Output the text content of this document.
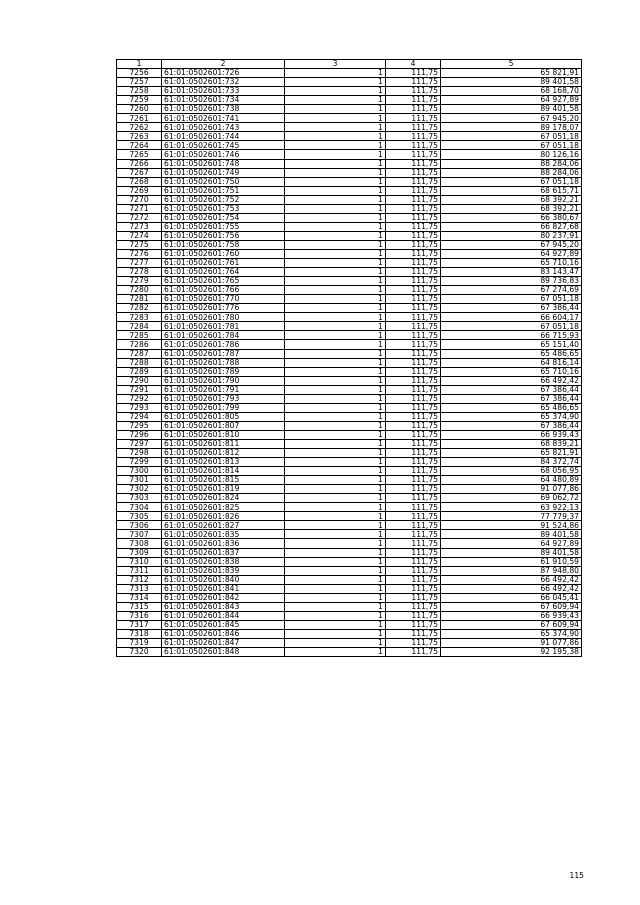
1	2	3	4	5
7256	61:01:0502601:726	1	111,75	65 821,91
7257	61:01:0502601:732	1	111,75	89 401,58
7258	61:01:0502601:733	1	111,75	68 168,70
7259	61:01:0502601:734	1	111,75	64 927,89
7260	61:01:0502601:738	1	111,75	89 401,58
7261	61:01:0502601:741	1	111,75	67 945,20
7262	61:01:0502601:743	1	111,75	89 178,07
7263	61:01:0502601:744	1	111,75	67 051,18
7264	61:01:0502601:745	1	111,75	67 051,18
7265	61:01:0502601:746	1	111,75	80 126,16
7266	61:01:0502601:748	1	111,75	88 284,06
7267	61:01:0502601:749	1	111,75	88 284,06
7268	61:01:0502601:750	1	111,75	67 051,18
7269	61:01:0502601:751	1	111,75	68 615,71
7270	61:01:0502601:752	1	111,75	68 392,21
7271	61:01:0502601:753	1	111,75	68 392,21
7272	61:01:0502601:754	1	111,75	66 380,67
7273	61:01:0502601:755	1	111,75	66 827,68
7274	61:01:0502601:756	1	111,75	80 237,91
7275	61:01:0502601:758	1	111,75	67 945,20
7276	61:01:0502601:760	1	111,75	64 927,89
7277	61:01:0502601:761	1	111,75	65 710,16
7278	61:01:0502601:764	1	111,75	83 143,47
7279	61:01:0502601:765	1	111,75	89 736,83
7280	61:01:0502601:766	1	111,75	67 274,69
7281	61:01:0502601:770	1	111,75	67 051,18
7282	61:01:0502601:776	1	111,75	67 386,44
7283	61:01:0502601:780	1	111,75	66 604,17
7284	61:01:0502601:781	1	111,75	67 051,18
7285	61:01:0502601:784	1	111,75	66 715,93
7286	61:01:0502601:786	1	111,75	65 151,40
7287	61:01:0502601:787	1	111,75	65 486,65
7288	61:01:0502601:788	1	111,75	64 816,14
7289	61:01:0502601:789	1	111,75	65 710,16
7290	61:01:0502601:790	1	111,75	66 492,42
7291	61:01:0502601:791	1	111,75	67 386,44
7292	61:01:0502601:793	1	111,75	67 386,44
7293	61:01:0502601:799	1	111,75	65 486,65
7294	61:01:0502601:805	1	111,75	65 374,90
7295	61:01:0502601:807	1	111,75	67 386,44
7296	61:01:0502601:810	1	111,75	66 939,43
7297	61:01:0502601:811	1	111,75	68 839,21
7298	61:01:0502601:812	1	111,75	65 821,91
7299	61:01:0502601:813	1	111,75	84 372,74
7300	61:01:0502601:814	1	111,75	68 056,95
7301	61:01:0502601:815	1	111,75	64 480,89
7302	61:01:0502601:819	1	111,75	91 077,86
7303	61:01:0502601:824	1	111,75	69 062,72
7304	61:01:0502601:825	1	111,75	63 922,13
7305	61:01:0502601:826	1	111,75	77 779,37
7306	61:01:0502601:827	1	111,75	91 524,86
7307	61:01:0502601:835	1	111,75	89 401,58
7308	61:01:0502601:836	1	111,75	64 927,89
7309	61:01:0502601:837	1	111,75	89 401,58
7310	61:01:0502601:838	1	111,75	61 910,59
7311	61:01:0502601:839	1	111,75	87 948,80
7312	61:01:0502601:840	1	111,75	66 492,42
7313	61:01:0502601:841	1	111,75	66 492,42
7314	61:01:0502601:842	1	111,75	66 045,41
7315	61:01:0502601:843	1	111,75	67 609,94
7316	61:01:0502601:844	1	111,75	66 939,43
7317	61:01:0502601:845	1	111,75	67 609,94
7318	61:01:0502601:846	1	111,75	65 374,90
7319	61:01:0502601:847	1	111,75	91 077,86
7320	61:01:0502601:848	1	111,75	92 195,38
115
